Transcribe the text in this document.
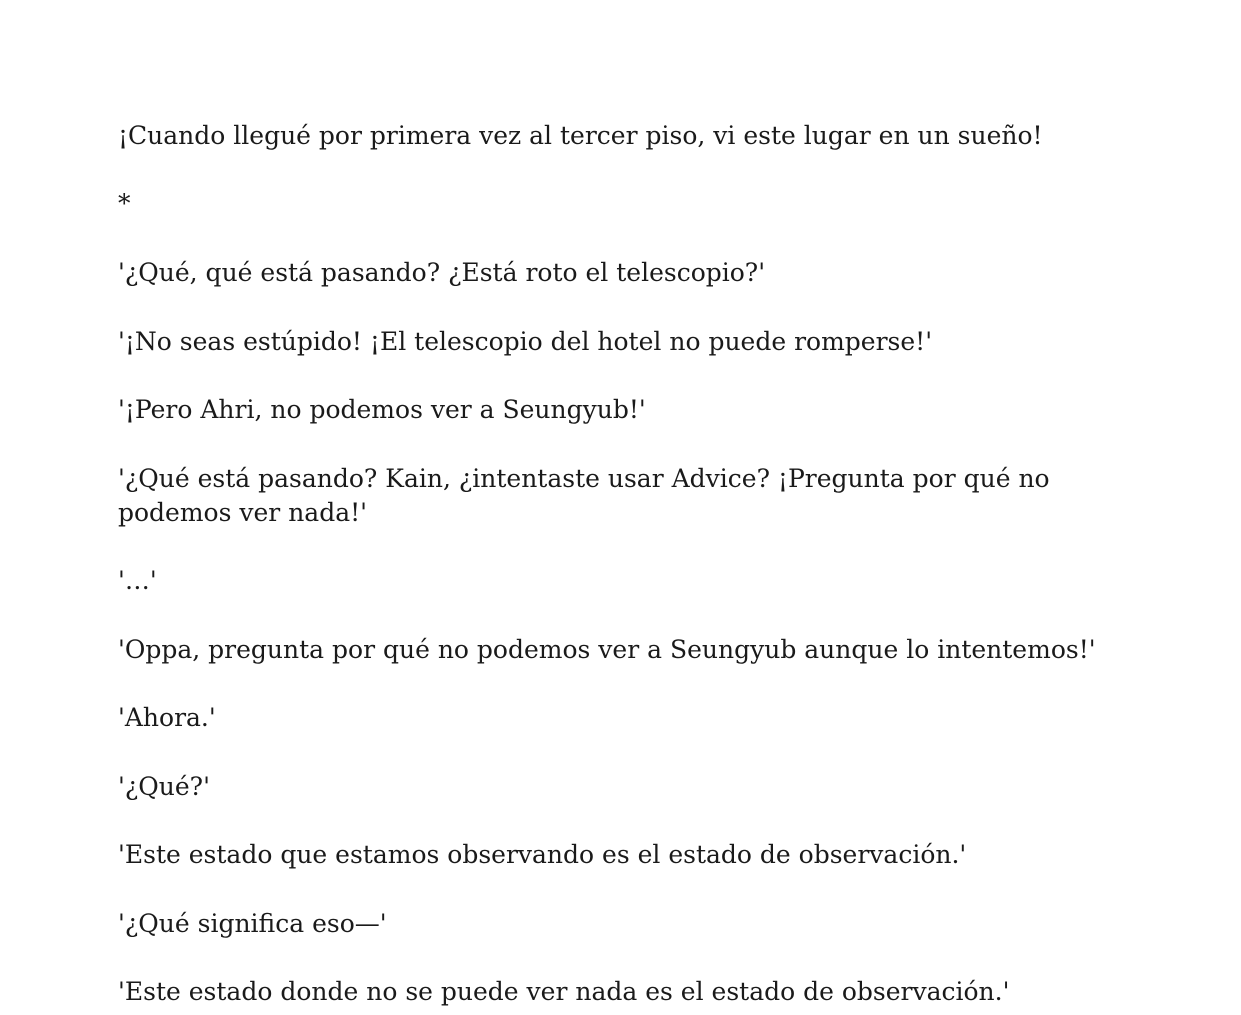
¡Cuando llegué por primera vez al tercer piso, vi este lugar en un sueño!

*

'¿Qué, qué está pasando? ¿Está roto el telescopio?'

'¡No seas estúpido! ¡El telescopio del hotel no puede romperse!'

'¡Pero Ahri, no podemos ver a Seungyub!'

'¿Qué está pasando? Kain, ¿intentaste usar Advice? ¡Pregunta por qué no podemos ver nada!'

'…'

'Oppa, pregunta por qué no podemos ver a Seungyub aunque lo intentemos!'

'Ahora.'

'¿Qué?'

'Este estado que estamos observando es el estado de observación.'

'¿Qué significa eso—'

'Este estado donde no se puede ver nada es el estado de observación.'
